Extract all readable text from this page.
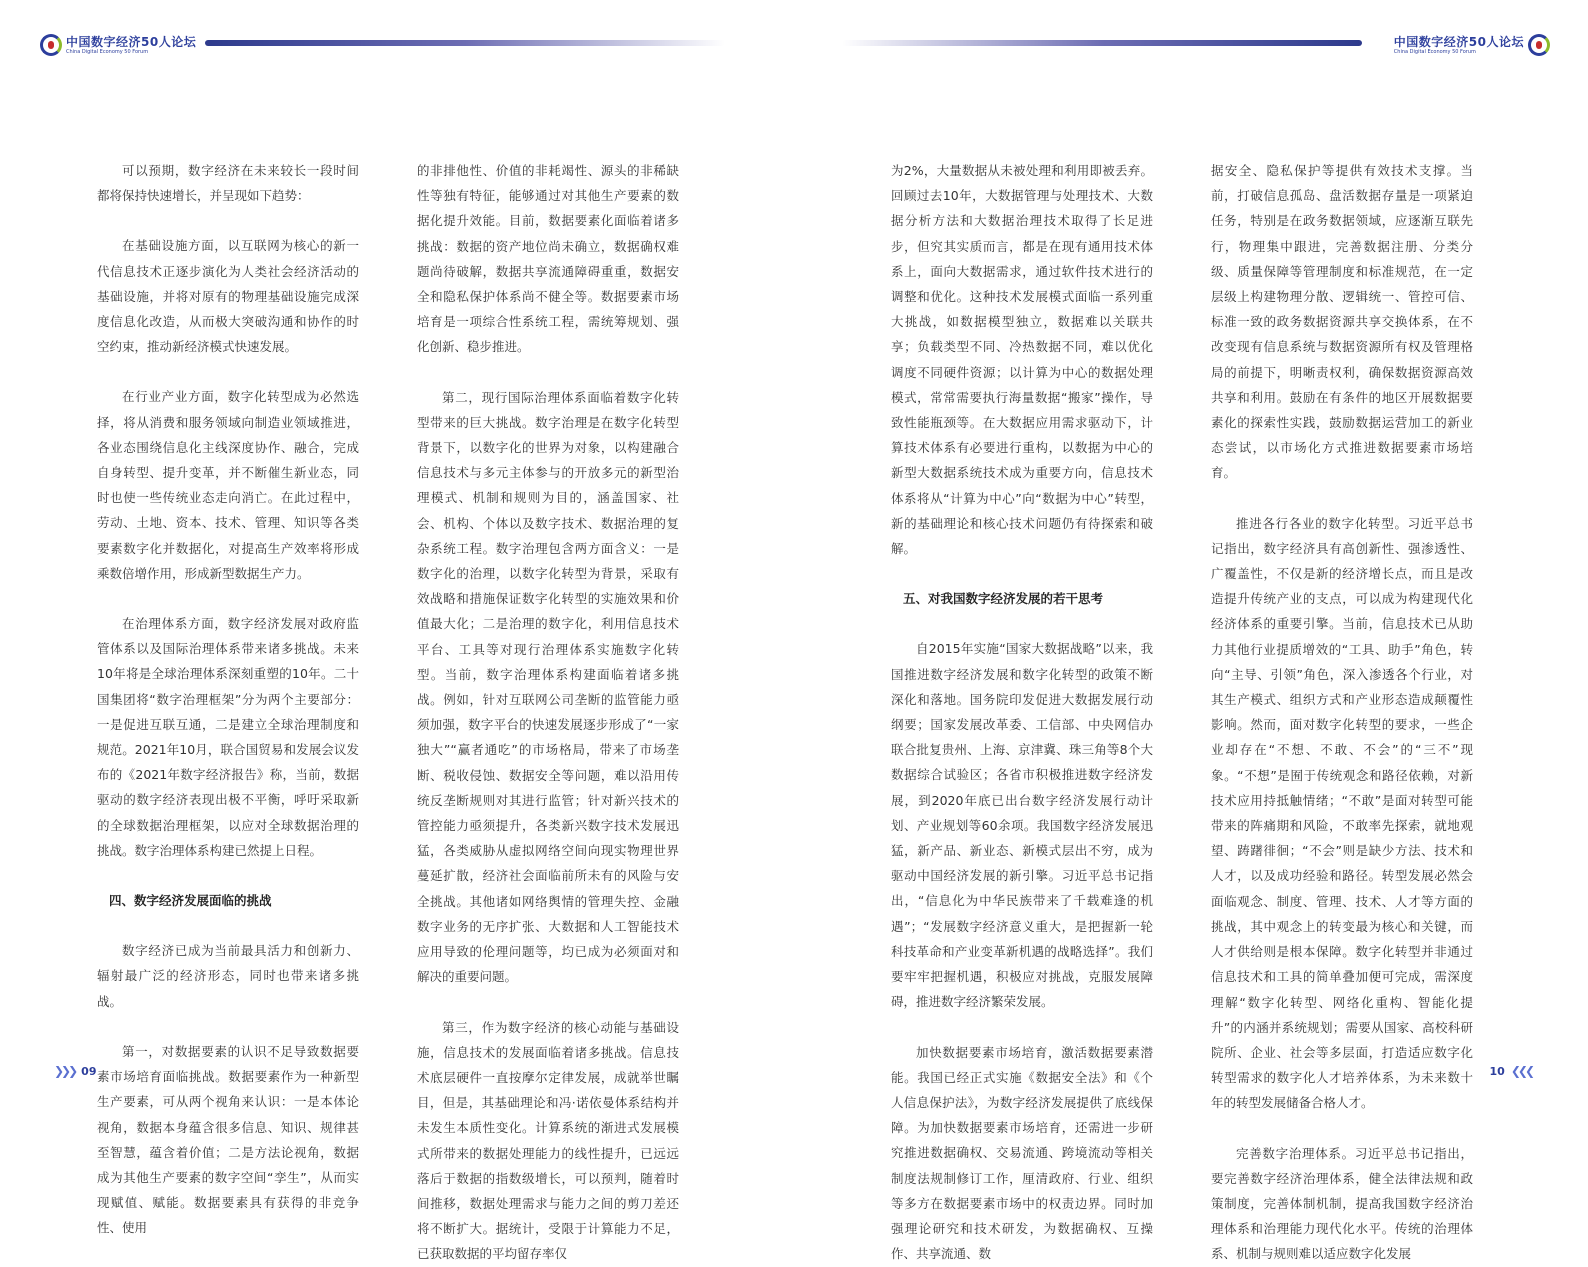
中国数字经济50人论坛
China Digital Economy 50 Forum

可以预期，数字经济在未来较长一段时间都将保持快速增长，并呈现如下趋势：

在基础设施方面，以互联网为核心的新一代信息技术正逐步演化为人类社会经济活动的基础设施，并将对原有的物理基础设施完成深度信息化改造，从而极大突破沟通和协作的时空约束，推动新经济模式快速发展。

在行业产业方面，数字化转型成为必然选择，将从消费和服务领域向制造业领域推进，各业态围绕信息化主线深度协作、融合，完成自身转型、提升变革，并不断催生新业态，同时也使一些传统业态走向消亡。在此过程中，劳动、土地、资本、技术、管理、知识等各类要素数字化并数据化，对提高生产效率将形成乘数倍增作用，形成新型数据生产力。

在治理体系方面，数字经济发展对政府监管体系以及国际治理体系带来诸多挑战。未来10年将是全球治理体系深刻重塑的10年。二十国集团将“数字治理框架”分为两个主要部分：一是促进互联互通，二是建立全球治理制度和规范。2021年10月，联合国贸易和发展会议发布的《2021年数字经济报告》称，当前，数据驱动的数字经济表现出极不平衡，呼吁采取新的全球数据治理框架，以应对全球数据治理的挑战。数字治理体系构建已然提上日程。

四、数字经济发展面临的挑战

数字经济已成为当前最具活力和创新力、辐射最广泛的经济形态，同时也带来诸多挑战。

第一，对数据要素的认识不足导致数据要素市场培育面临挑战。数据要素作为一种新型生产要素，可从两个视角来认识：一是本体论视角，数据本身蕴含很多信息、知识、规律甚至智慧，蕴含着价值；二是方法论视角，数据成为其他生产要素的数字空间“孪生”，从而实现赋值、赋能。数据要素具有获得的非竞争性、使用

的非排他性、价值的非耗竭性、源头的非稀缺性等独有特征，能够通过对其他生产要素的数据化提升效能。目前，数据要素化面临着诸多挑战：数据的资产地位尚未确立，数据确权难题尚待破解，数据共享流通障碍重重，数据安全和隐私保护体系尚不健全等。数据要素市场培育是一项综合性系统工程，需统筹规划、强化创新、稳步推进。

第二，现行国际治理体系面临着数字化转型带来的巨大挑战。数字治理是在数字化转型背景下，以数字化的世界为对象，以构建融合信息技术与多元主体参与的开放多元的新型治理模式、机制和规则为目的，涵盖国家、社会、机构、个体以及数字技术、数据治理的复杂系统工程。数字治理包含两方面含义：一是数字化的治理，以数字化转型为背景，采取有效战略和措施保证数字化转型的实施效果和价值最大化；二是治理的数字化，利用信息技术平台、工具等对现行治理体系实施数字化转型。当前，数字治理体系构建面临着诸多挑战。例如，针对互联网公司垄断的监管能力亟须加强，数字平台的快速发展逐步形成了“一家独大”“赢者通吃”的市场格局，带来了市场垄断、税收侵蚀、数据安全等问题，难以沿用传统反垄断规则对其进行监管；针对新兴技术的管控能力亟须提升，各类新兴数字技术发展迅猛，各类威胁从虚拟网络空间向现实物理世界蔓延扩散，经济社会面临前所未有的风险与安全挑战。其他诸如网络舆情的管理失控、金融数字业务的无序扩张、大数据和人工智能技术应用导致的伦理问题等，均已成为必须面对和解决的重要问题。

第三，作为数字经济的核心动能与基础设施，信息技术的发展面临着诸多挑战。信息技术底层硬件一直按摩尔定律发展，成就举世瞩目，但是，其基础理论和冯·诺依曼体系结构并未发生本质性变化。计算系统的渐进式发展模式所带来的数据处理能力的线性提升，已远远落后于数据的指数级增长，可以预判，随着时间推移，数据处理需求与能力之间的剪刀差还将不断扩大。据统计，受限于计算能力不足，已获取数据的平均留存率仅

❯❯❯ 09
中国数字经济50人论坛
China Digital Economy 50 Forum

为2%，大量数据从未被处理和利用即被丢弃。回顾过去10年，大数据管理与处理技术、大数据分析方法和大数据治理技术取得了长足进步，但究其实质而言，都是在现有通用技术体系上，面向大数据需求，通过软件技术进行的调整和优化。这种技术发展模式面临一系列重大挑战，如数据模型独立，数据难以关联共享；负载类型不同、冷热数据不同，难以优化调度不同硬件资源；以计算为中心的数据处理模式，常常需要执行海量数据“搬家”操作，导致性能瓶颈等。在大数据应用需求驱动下，计算技术体系有必要进行重构，以数据为中心的新型大数据系统技术成为重要方向，信息技术体系将从“计算为中心”向“数据为中心”转型，新的基础理论和核心技术问题仍有待探索和破解。

五、对我国数字经济发展的若干思考

自2015年实施“国家大数据战略”以来，我国推进数字经济发展和数字化转型的政策不断深化和落地。国务院印发促进大数据发展行动纲要；国家发展改革委、工信部、中央网信办联合批复贵州、上海、京津冀、珠三角等8个大数据综合试验区；各省市积极推进数字经济发展，到2020年底已出台数字经济发展行动计划、产业规划等60余项。我国数字经济发展迅猛，新产品、新业态、新模式层出不穷，成为驱动中国经济发展的新引擎。习近平总书记指出，“信息化为中华民族带来了千载难逢的机遇”；“发展数字经济意义重大，是把握新一轮科技革命和产业变革新机遇的战略选择”。我们要牢牢把握机遇，积极应对挑战，克服发展障碍，推进数字经济繁荣发展。

加快数据要素市场培育，激活数据要素潜能。我国已经正式实施《数据安全法》和《个人信息保护法》，为数字经济发展提供了底线保障。为加快数据要素市场培育，还需进一步研究推进数据确权、交易流通、跨境流动等相关制度法规制修订工作，厘清政府、行业、组织等多方在数据要素市场中的权责边界。同时加强理论研究和技术研发，为数据确权、互操作、共享流通、数

据安全、隐私保护等提供有效技术支撑。当前，打破信息孤岛、盘活数据存量是一项紧迫任务，特别是在政务数据领域，应逐渐互联先行，物理集中跟进，完善数据注册、分类分级、质量保障等管理制度和标准规范，在一定层级上构建物理分散、逻辑统一、管控可信、标准一致的政务数据资源共享交换体系，在不改变现有信息系统与数据资源所有权及管理格局的前提下，明晰责权利，确保数据资源高效共享和利用。鼓励在有条件的地区开展数据要素化的探索性实践，鼓励数据运营加工的新业态尝试，以市场化方式推进数据要素市场培育。

推进各行各业的数字化转型。习近平总书记指出，数字经济具有高创新性、强渗透性、广覆盖性，不仅是新的经济增长点，而且是改造提升传统产业的支点，可以成为构建现代化经济体系的重要引擎。当前，信息技术已从助力其他行业提质增效的“工具、助手”角色，转向“主导、引领”角色，深入渗透各个行业，对其生产模式、组织方式和产业形态造成颠覆性影响。然而，面对数字化转型的要求，一些企业却存在“不想、不敢、不会”的“三不”现象。“不想”是囿于传统观念和路径依赖，对新技术应用持抵触情绪；“不敢”是面对转型可能带来的阵痛期和风险，不敢率先探索，就地观望、踌躇徘徊；“不会”则是缺少方法、技术和人才，以及成功经验和路径。转型发展必然会面临观念、制度、管理、技术、人才等方面的挑战，其中观念上的转变最为核心和关键，而人才供给则是根本保障。数字化转型并非通过信息技术和工具的简单叠加便可完成，需深度理解“数字化转型、网络化重构、智能化提升”的内涵并系统规划；需要从国家、高校科研院所、企业、社会等多层面，打造适应数字化转型需求的数字化人才培养体系，为未来数十年的转型发展储备合格人才。

完善数字治理体系。习近平总书记指出，要完善数字经济治理体系，健全法律法规和政策制度，完善体制机制，提高我国数字经济治理体系和治理能力现代化水平。传统的治理体系、机制与规则难以适应数字化发展

10 ❮❮❮
